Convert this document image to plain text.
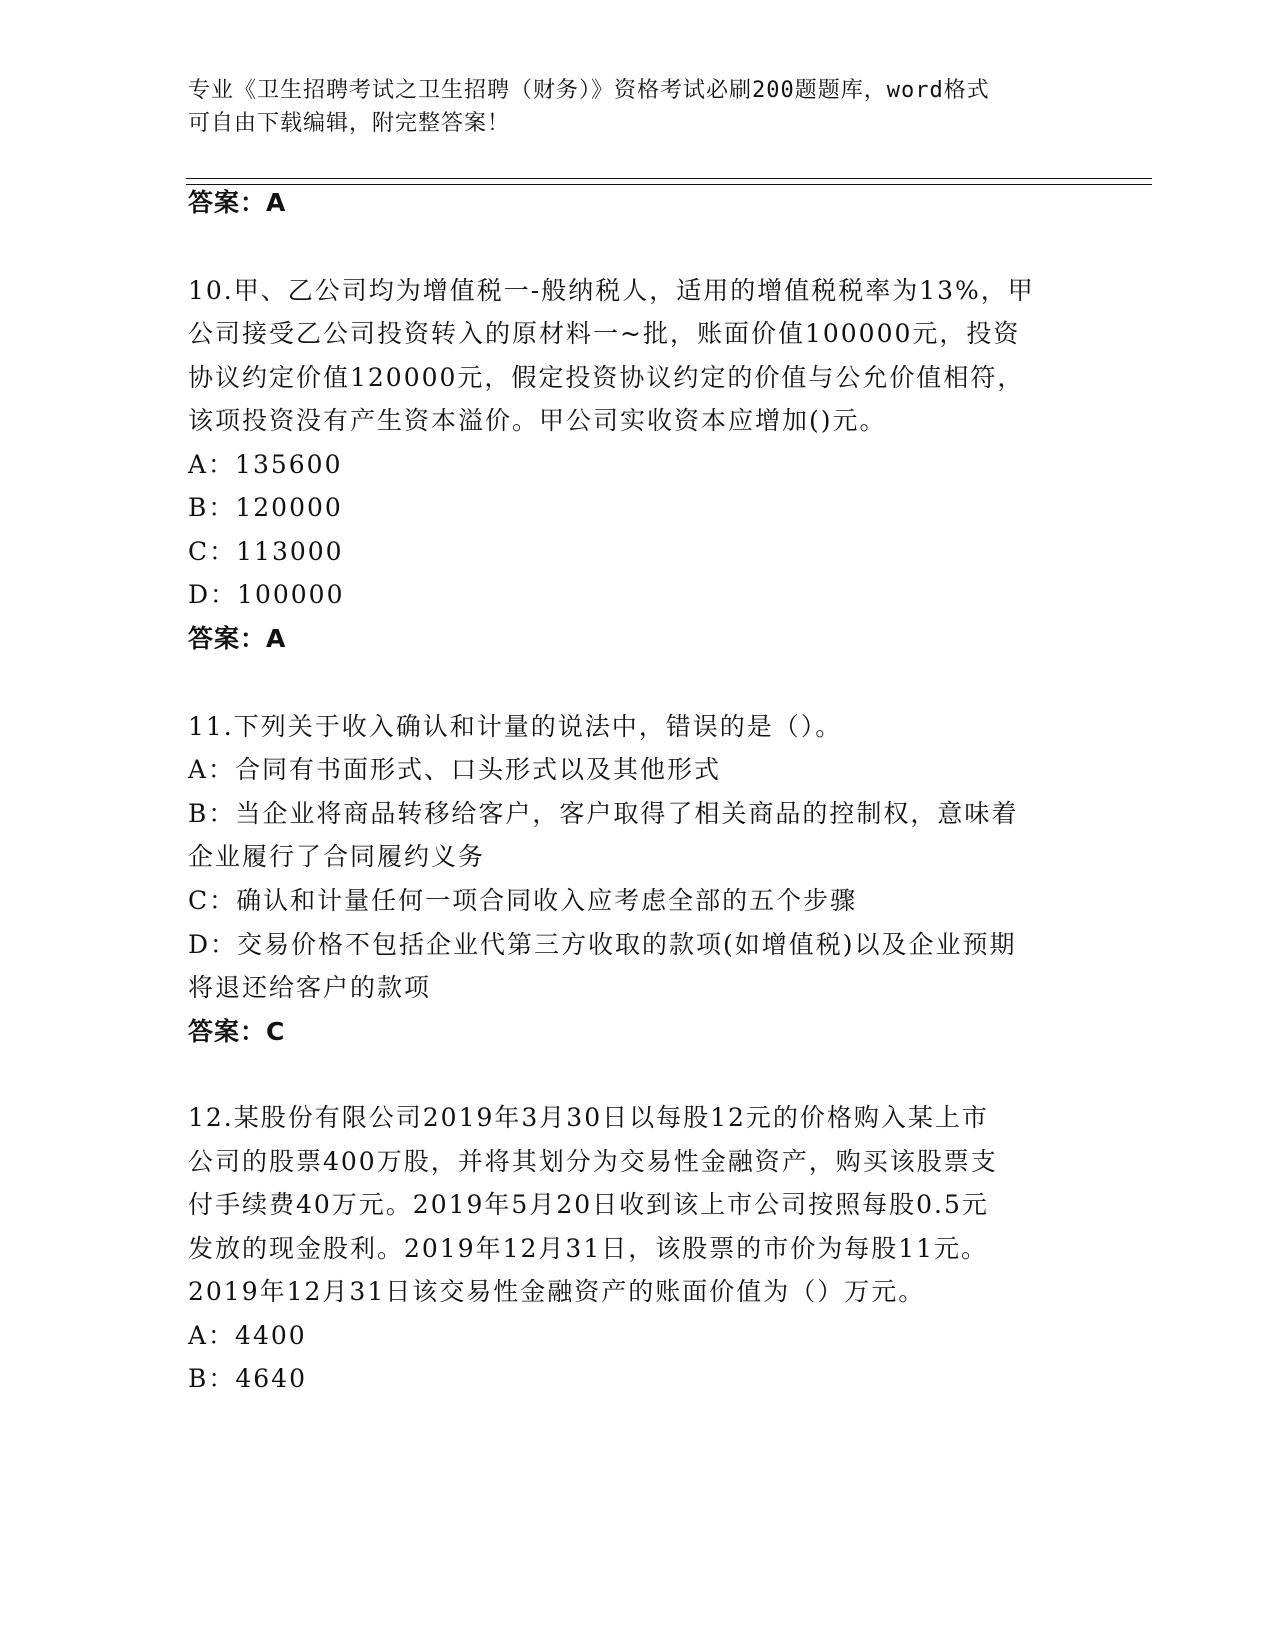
专业《卫生招聘考试之卫生招聘（财务）》资格考试必刷200题题库，word格式
可自由下载编辑，附完整答案！
答案：A
10.甲、乙公司均为增值税一-般纳税人，适用的增值税税率为13%，甲
公司接受乙公司投资转入的原材料一~批，账面价值100000元，投资
协议约定价值120000元，假定投资协议约定的价值与公允价值相符，
该项投资没有产生资本溢价。甲公司实收资本应增加()元。
A：135600
B：120000
C：113000
D：100000
答案：A
11.下列关于收入确认和计量的说法中，错误的是（）。
A：合同有书面形式、口头形式以及其他形式
B：当企业将商品转移给客户，客户取得了相关商品的控制权，意味着
企业履行了合同履约义务
C：确认和计量任何一项合同收入应考虑全部的五个步骤
D：交易价格不包括企业代第三方收取的款项(如增值税)以及企业预期
将退还给客户的款项
答案：C
12.某股份有限公司2019年3月30日以每股12元的价格购入某上市
公司的股票400万股，并将其划分为交易性金融资产，购买该股票支
付手续费40万元。2019年5月20日收到该上市公司按照每股0.5元
发放的现金股利。2019年12月31日，该股票的市价为每股11元。
2019年12月31日该交易性金融资产的账面价值为（）万元。
A：4400
B：4640
